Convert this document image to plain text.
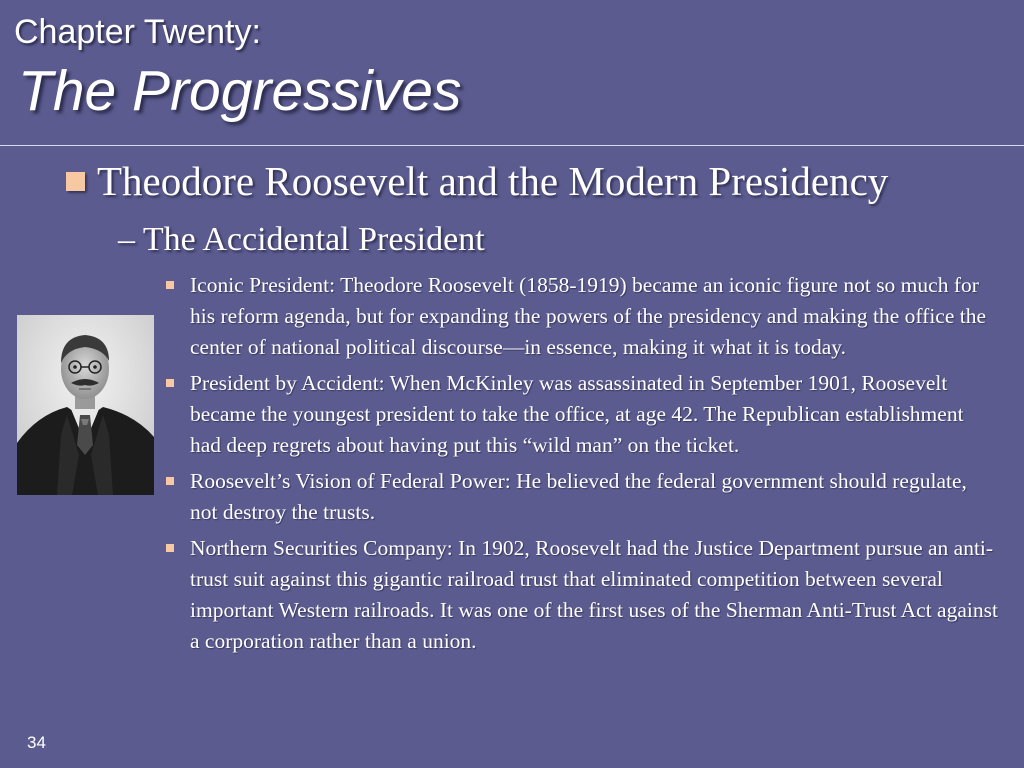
Chapter Twenty:
The Progressives
Theodore Roosevelt and the Modern Presidency
– The Accidental President
Iconic President: Theodore Roosevelt (1858-1919) became an iconic figure not so much for his reform agenda, but for expanding the powers of the presidency and making the office the center of national political discourse—in essence, making it what it is today.
President by Accident: When McKinley was assassinated in September 1901, Roosevelt became the youngest president to take the office, at age 42. The Republican establishment had deep regrets about having put this “wild man” on the ticket.
Roosevelt’s Vision of Federal Power: He believed the federal government should regulate, not destroy the trusts.
Northern Securities Company: In 1902, Roosevelt had the Justice Department pursue an anti-trust suit against this gigantic railroad trust that eliminated competition between several important Western railroads. It was one of the first uses of the Sherman Anti-Trust Act against a corporation rather than a union.
34
